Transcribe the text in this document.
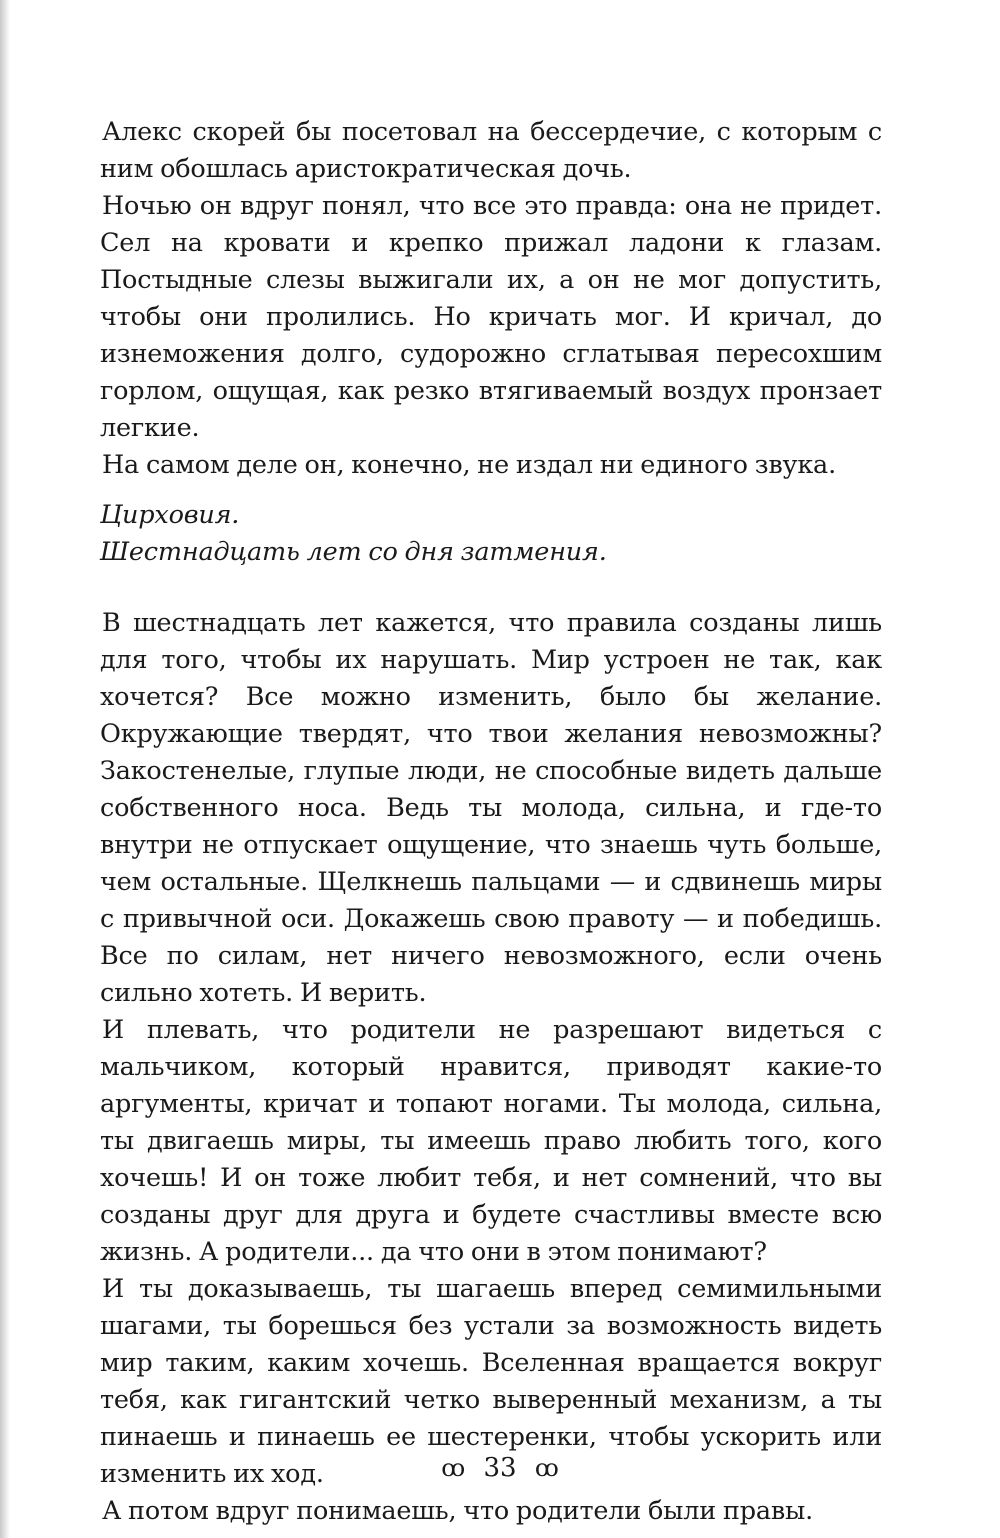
Алекс скорей бы посетовал на бессердечие, с которым с ним обошлась аристократическая дочь.

Ночью он вдруг понял, что все это правда: она не придет. Сел на кровати и крепко прижал ладони к глазам. Постыдные слезы выжигали их, а он не мог допустить, чтобы они пролились. Но кричать мог. И кричал, до изнеможения долго, судорожно сглатывая пересохшим горлом, ощущая, как резко втягиваемый воздух пронзает легкие.

На самом деле он, конечно, не издал ни единого звука.

Цирховия.
Шестнадцать лет со дня затмения.

В шестнадцать лет кажется, что правила созданы лишь для того, чтобы их нарушать. Мир устроен не так, как хочется? Все можно изменить, было бы желание. Окружающие твердят, что твои желания невозможны? Закостенелые, глупые люди, не способные видеть дальше собственного носа. Ведь ты молода, сильна, и где-то внутри не отпускает ощущение, что знаешь чуть больше, чем остальные. Щелкнешь пальцами — и сдвинешь миры с привычной оси. Докажешь свою правоту — и победишь. Все по силам, нет ничего невозможного, если очень сильно хотеть. И верить.

И плевать, что родители не разрешают видеться с мальчиком, который нравится, приводят какие-то аргументы, кричат и топают ногами. Ты молода, сильна, ты двигаешь миры, ты имеешь право любить того, кого хочешь! И он тоже любит тебя, и нет сомнений, что вы созданы друг для друга и будете счастливы вместе всю жизнь. А родители... да что они в этом понимают?

И ты доказываешь, ты шагаешь вперед семимильными шагами, ты борешься без устали за возможность видеть мир таким, каким хочешь. Вселенная вращается вокруг тебя, как гигантский четко выверенный механизм, а ты пинаешь и пинаешь ее шестеренки, чтобы ускорить или изменить их ход.

А потом вдруг понимаешь, что родители были правы.

ꝏ 33 ꝏ
